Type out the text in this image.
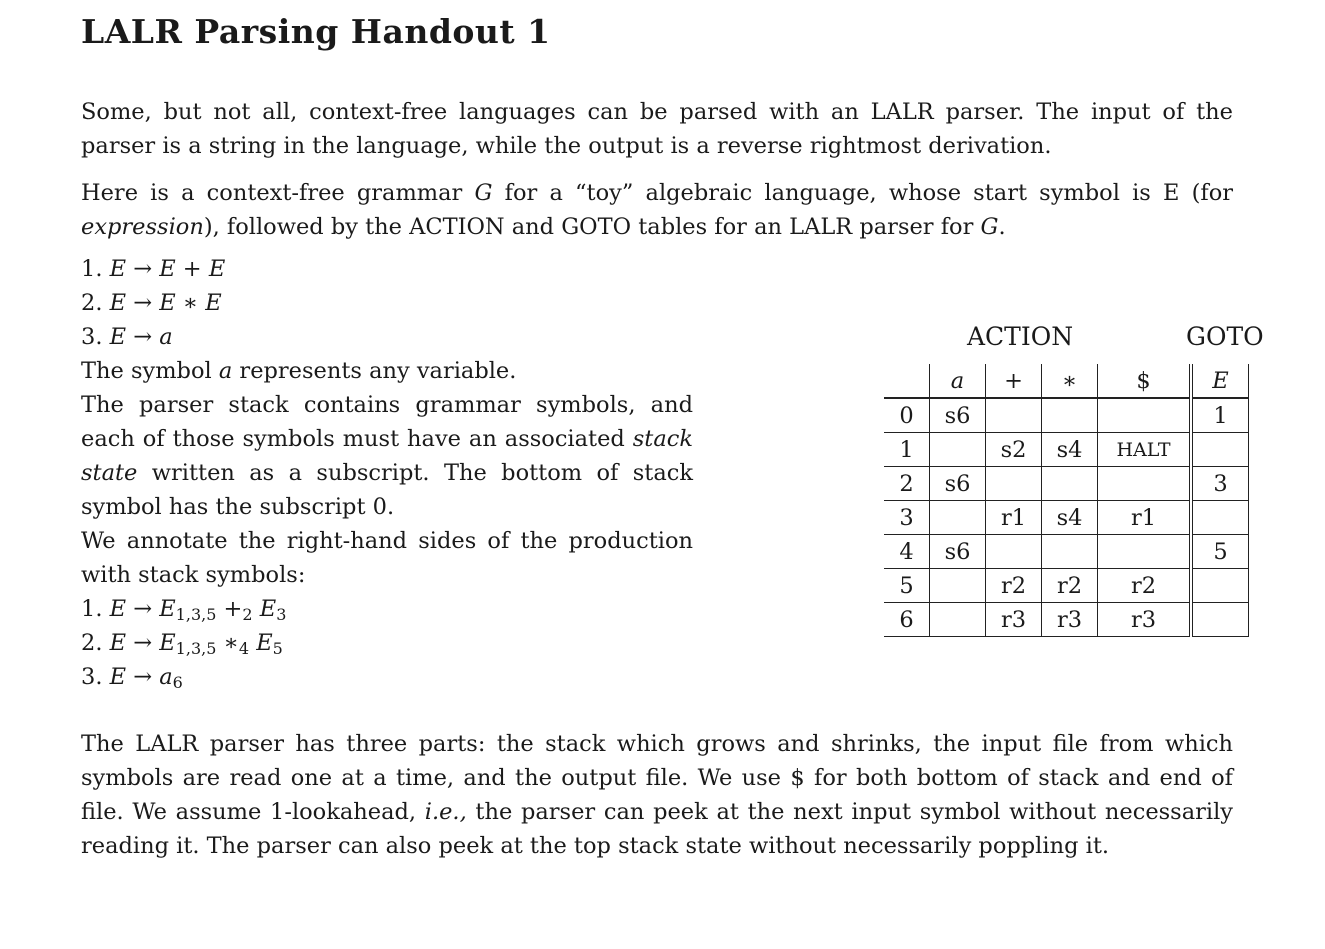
LALR Parsing Handout 1
Some, but not all, context-free languages can be parsed with an LALR parser. The input of the parser is a string in the language, while the output is a reverse rightmost derivation.
Here is a context-free grammar G for a “toy” algebraic language, whose start symbol is E (for expression), followed by the ACTION and GOTO tables for an LALR parser for G.
1. E → E + E
2. E → E ∗ E
3. E → a
The symbol a represents any variable.
The parser stack contains grammar symbols, and each of those symbols must have an associated stack state written as a subscript. The bottom of stack symbol has the subscript 0.
We annotate the right-hand sides of the production with stack symbols:
1. $E \to E_{1,3,5} +_2$ $E_3$
2. $E \to E_{1,3,5}$ $∗_4$ $E_5$
3. $E \to a_6$
ACTION	GOTO
	a	+	∗	$	E
0	s6				1
1		s2	s4	HALT	
2	s6				3
3		r1	s4	r1	
4	s6				5
5		r2	r2	r2	
6		r3	r3	r3	
The LALR parser has three parts: the stack which grows and shrinks, the input file from which symbols are read one at a time, and the output file. We use $ for both bottom of stack and end of file. We assume 1-lookahead, i.e., the parser can peek at the next input symbol without necessarily reading it. The parser can also peek at the top stack state without necessarily poppling it.
